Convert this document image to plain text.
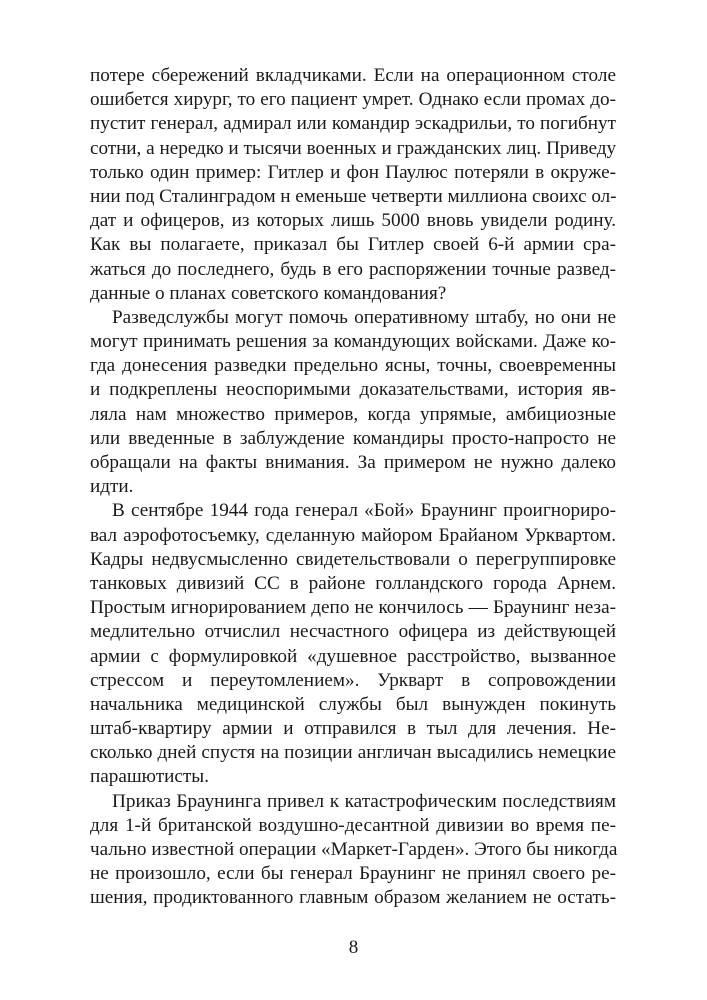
потере сбережений вкладчиками. Если на операционном столе
ошибется хирург, то его пациент умрет. Однако если промах до-
пустит генерал, адмирал или командир эскадрильи, то погибнут
сотни, а нередко и тысячи военных и гражданских лиц. Приведу
только один пример: Гитлер и фон Паулюс потеряли в окруже-
нии под Сталинградом н еменьше четверти миллиона своихс ол-
дат и офицеров, из которых лишь 5000 вновь увидели родину.
Как вы полагаете, приказал бы Гитлер своей 6-й армии сра-
жаться до последнего, будь в его распоряжении точные развед-
данные о планах советского командования?
Разведслужбы могут помочь оперативному штабу, но они не
могут принимать решения за командующих войсками. Даже ко-
гда донесения разведки предельно ясны, точны, своевременны
и подкреплены неоспоримыми доказательствами, история яв-
ляла нам множество примеров, когда упрямые, амбициозные
или введенные в заблуждение командиры просто-напросто не
обращали на факты внимания. За примером не нужно далеко
идти.
В сентябре 1944 года генерал «Бой» Браунинг проигнориро-
вал аэрофотосъемку, сделанную майором Брайаном Урквартом.
Кадры недвусмысленно свидетельствовали о перегруппировке
танковых дивизий СС в районе голландского города Арнем.
Простым игнорированием депо не кончилось — Браунинг неза-
медлительно отчислил несчастного офицера из действующей
армии с формулировкой «душевное расстройство, вызванное
стрессом и переутомлением». Уркварт в сопровождении
начальника медицинской службы был вынужден покинуть
штаб-квартиру армии и отправился в тыл для лечения. Не-
сколько дней спустя на позиции англичан высадились немецкие
парашютисты.
Приказ Браунинга привел к катастрофическим последствиям
для 1-й британской воздушно-десантной дивизии во время пе-
чально известной операции «Маркет-Гарден». Этого бы никогда
не произошло, если бы генерал Браунинг не принял своего ре-
шения, продиктованного главным образом желанием не остать-
8
